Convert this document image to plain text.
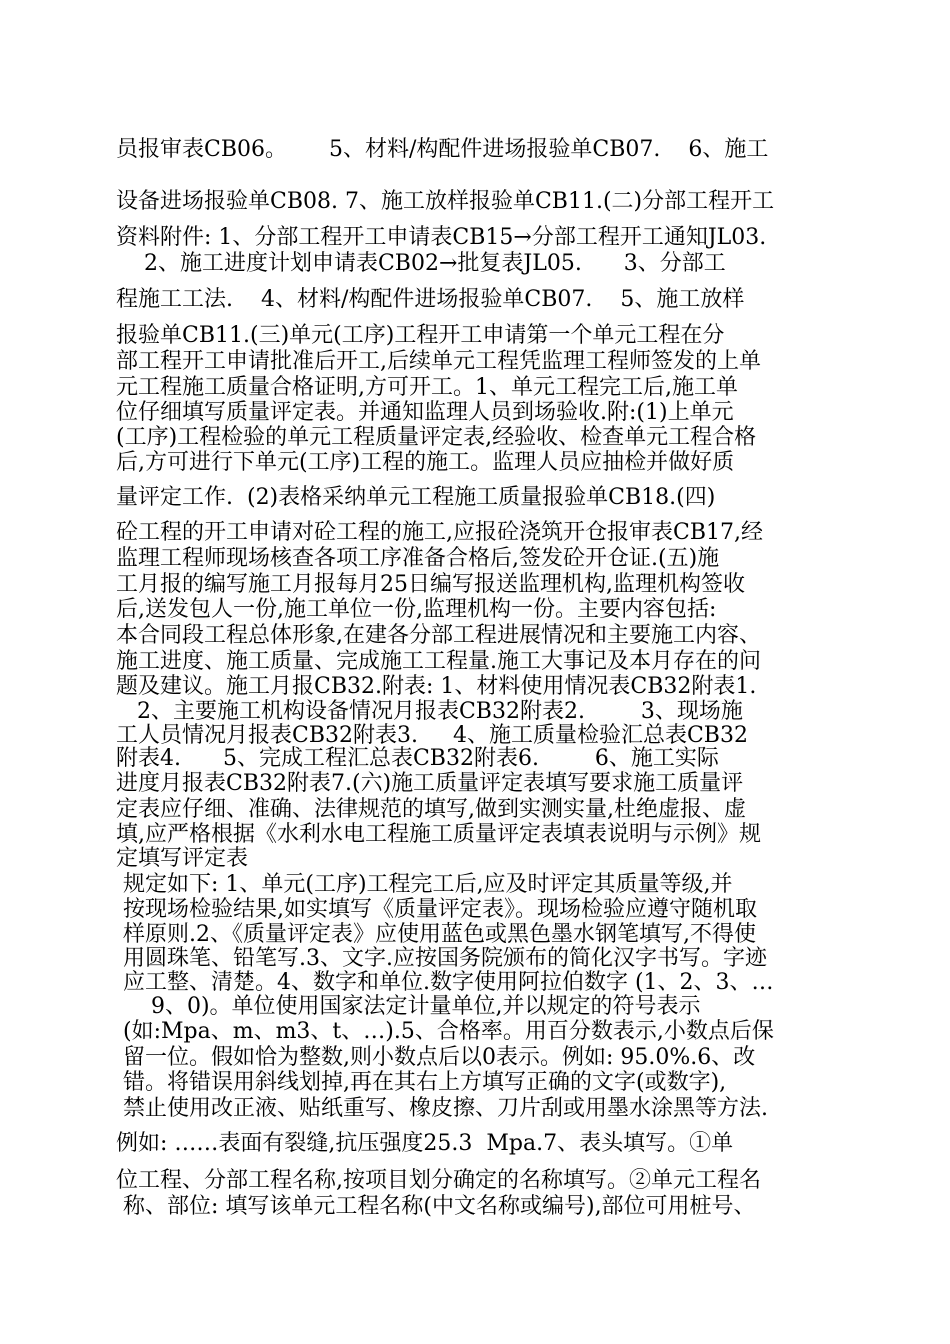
员报审表CB06。      5、材料/构配件进场报验单CB07.    6、施工
设备进场报验单CB08. 7、施工放样报验单CB11.(二)分部工程开工
资料附件: 1、分部工程开工申请表CB15→分部工程开工通知JL03.
2、施工进度计划申请表CB02→批复表JL05.      3、分部工
程施工工法.    4、材料/构配件进场报验单CB07.    5、施工放样
报验单CB11.(三)单元(工序)工程开工申请第一个单元工程在分
部工程开工申请批准后开工,后续单元工程凭监理工程师签发的上单
元工程施工质量合格证明,方可开工。1、单元工程完工后,施工单
位仔细填写质量评定表。并通知监理人员到场验收.附:(1)上单元
(工序)工程检验的单元工程质量评定表,经验收、检查单元工程合格
后,方可进行下单元(工序)工程的施工。监理人员应抽检并做好质
量评定工作.  (2)表格采纳单元工程施工质量报验单CB18.(四)
砼工程的开工申请对砼工程的施工,应报砼浇筑开仓报审表CB17,经
监理工程师现场核查各项工序准备合格后,签发砼开仓证.(五)施
工月报的编写施工月报每月25日编写报送监理机构,监理机构签收
后,送发包人一份,施工单位一份,监理机构一份。主要内容包括:
本合同段工程总体形象,在建各分部工程进展情况和主要施工内容、
施工进度、施工质量、完成施工工程量.施工大事记及本月存在的问
题及建议。施工月报CB32.附表: 1、材料使用情况表CB32附表1.
2、主要施工机构设备情况月报表CB32附表2.        3、现场施
工人员情况月报表CB32附表3.     4、施工质量检验汇总表CB32
附表4.      5、完成工程汇总表CB32附表6.        6、施工实际
进度月报表CB32附表7.(六)施工质量评定表填写要求施工质量评
定表应仔细、准确、法律规范的填写,做到实测实量,杜绝虚报、虚
填,应严格根据《水利水电工程施工质量评定表填表说明与示例》规
定填写评定表
规定如下: 1、单元(工序)工程完工后,应及时评定其质量等级,并
按现场检验结果,如实填写《质量评定表》。现场检验应遵守随机取
样原则.2、《质量评定表》应使用蓝色或黑色墨水钢笔填写,不得使
用圆珠笔、铅笔写.3、文字.应按国务院颁布的简化汉字书写。字迹
应工整、清楚。4、数字和单位.数字使用阿拉伯数字 (1、2、3、…
9、0)。单位使用国家法定计量单位,并以规定的符号表示
(如:Mpa、m、m3、t、…).5、合格率。用百分数表示,小数点后保
留一位。假如恰为整数,则小数点后以0表示。例如: 95.0%.6、改
错。将错误用斜线划掉,再在其右上方填写正确的文字(或数字),
禁止使用改正液、贴纸重写、橡皮擦、刀片刮或用墨水涂黑等方法.
例如: ……表面有裂缝,抗压强度25.3  Mpa.7、表头填写。①单
位工程、分部工程名称,按项目划分确定的名称填写。②单元工程名
称、部位: 填写该单元工程名称(中文名称或编号),部位可用桩号、
